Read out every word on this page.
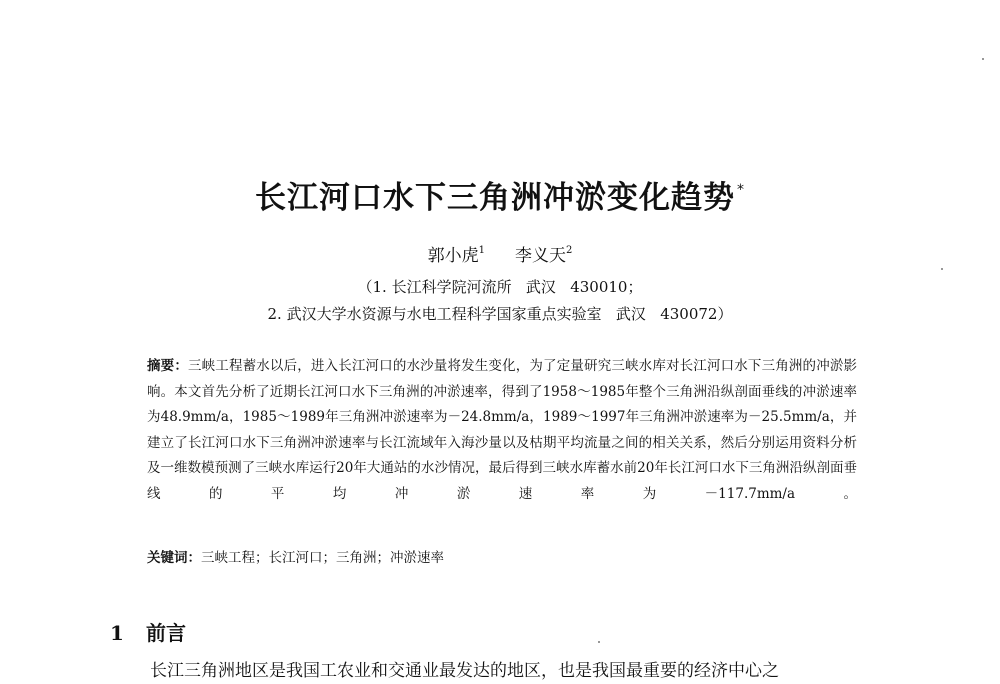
长江河口水下三角洲冲淤变化趋势 *
郭小虎$^1$ 李义天$^2$
（1. 长江科学院河流所   武汉   430010；
2. 武汉大学水资源与水电工程科学国家重点实验室   武汉   430072）
摘要：三峡工程蓄水以后，进入长江河口的水沙量将发生变化，为了定量研究三峡水库对长江河口水下三角洲的冲淤影响。本文首先分析了近期长江河口水下三角洲的冲淤速率，得到了1958～1985年整个三角洲沿纵剖面垂线的冲淤速率为48.9mm/a，1985～1989年三角洲冲淤速率为－24.8mm/a，1989～1997年三角洲冲淤速率为－25.5mm/a，并建立了长江河口水下三角洲冲淤速率与长江流域年入海沙量以及枯期平均流量之间的相关关系，然后分别运用资料分析及一维数模预测了三峡水库运行20年大通站的水沙情况，最后得到三峡水库蓄水前20年长江河口水下三角洲沿纵剖面垂线的平均冲淤速率为－117.7mm/a。
关键词：三峡工程；长江河口；三角洲；冲淤速率
1 前言
长江三角洲地区是我国工农业和交通业最发达的地区，也是我国最重要的经济中心之
